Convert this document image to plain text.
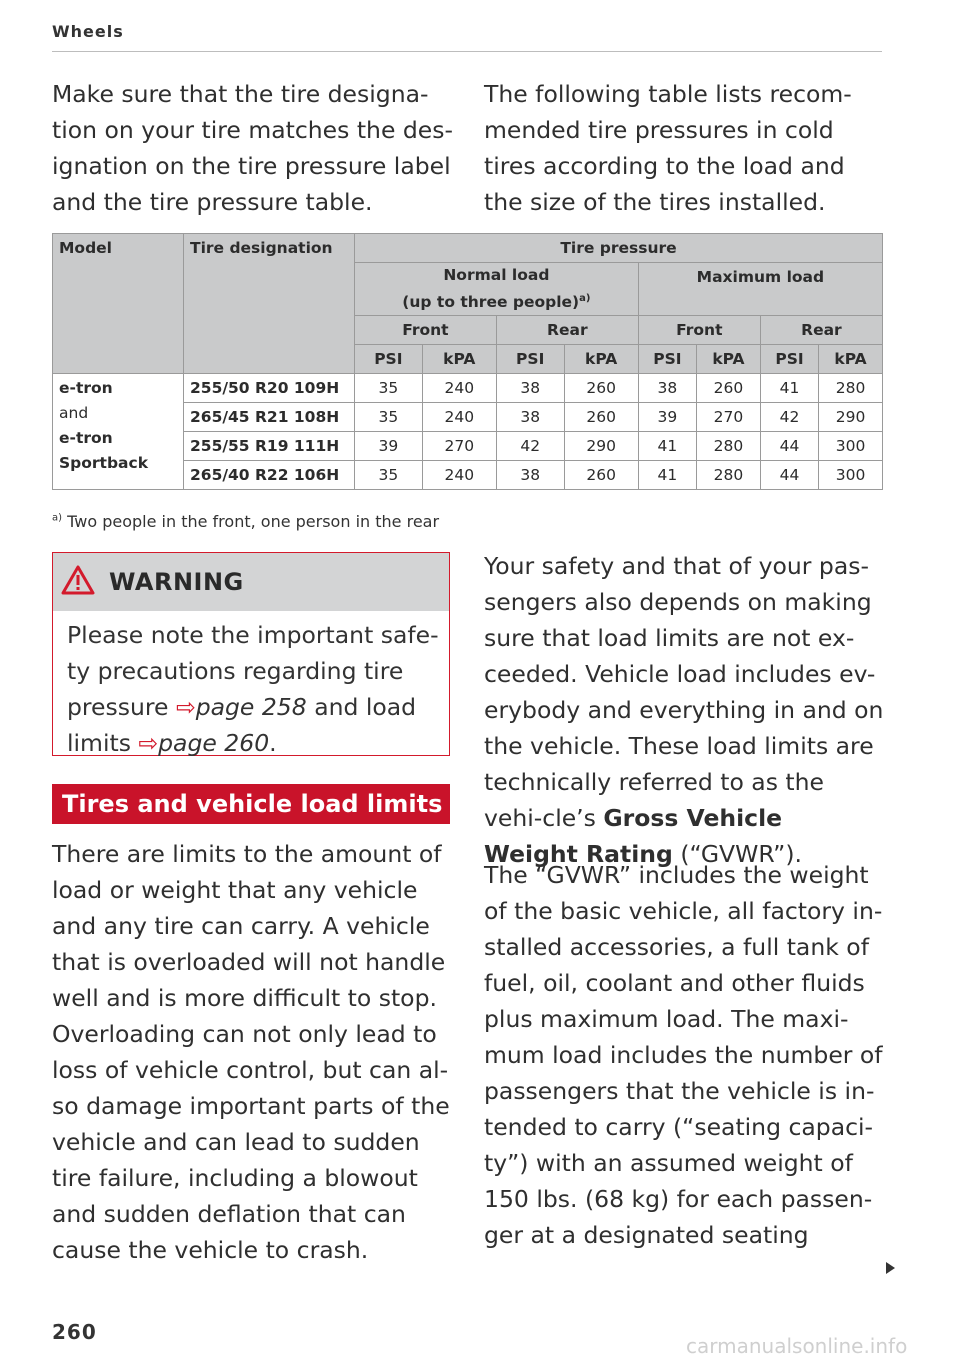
Wheels

Make sure that the tire designa-tion on your tire matches the des-ignation on the tire pressure label and the tire pressure table.

The following table lists recom-mended tire pressures in cold tires according to the load and the size of the tires installed.

Model	Tire designation	Tire pressure							
		Normal load
(up to three people)$^{a)}$				Maximum load			
		Front		Rear		Front		Rear	
		PSI	kPA	PSI	kPA	PSI	kPA	PSI	kPA
e-tron
and
e-tron
Sportback	255/50 R20 109H	35	240	38	260	38	260	41	280
	265/45 R21 108H	35	240	38	260	39	270	42	290
	255/55 R19 111H	39	270	42	290	41	280	44	300
	265/40 R22 106H	35	240	38	260	41	280	44	300
$^{a)}$ Two people in the front, one person in the rear
WARNING
Please note the important safe-ty precautions regarding tire pressure ⇨page 258 and load limits ⇨page 260.
Tires and vehicle load limits

There are limits to the amount of load or weight that any vehicle and any tire can carry. A vehicle that is overloaded will not handle well and is more difficult to stop. Overloading can not only lead to loss of vehicle control, but can al-so damage important parts of the vehicle and can lead to sudden tire failure, including a blowout and sudden deflation that can cause the vehicle to crash.

Your safety and that of your pas-sengers also depends on making sure that load limits are not ex-ceeded. Vehicle load includes ev-erybody and everything in and on the vehicle. These load limits are technically referred to as the vehi-cle’s Gross Vehicle Weight Rating (“GVWR”).

The “GVWR” includes the weight of the basic vehicle, all factory in-stalled accessories, a full tank of fuel, oil, coolant and other fluids plus maximum load. The maxi-mum load includes the number of passengers that the vehicle is in-tended to carry (“seating capaci-ty”) with an assumed weight of 150 lbs. (68 kg) for each passen-ger at a designated seating

260
carmanualsonline.info
